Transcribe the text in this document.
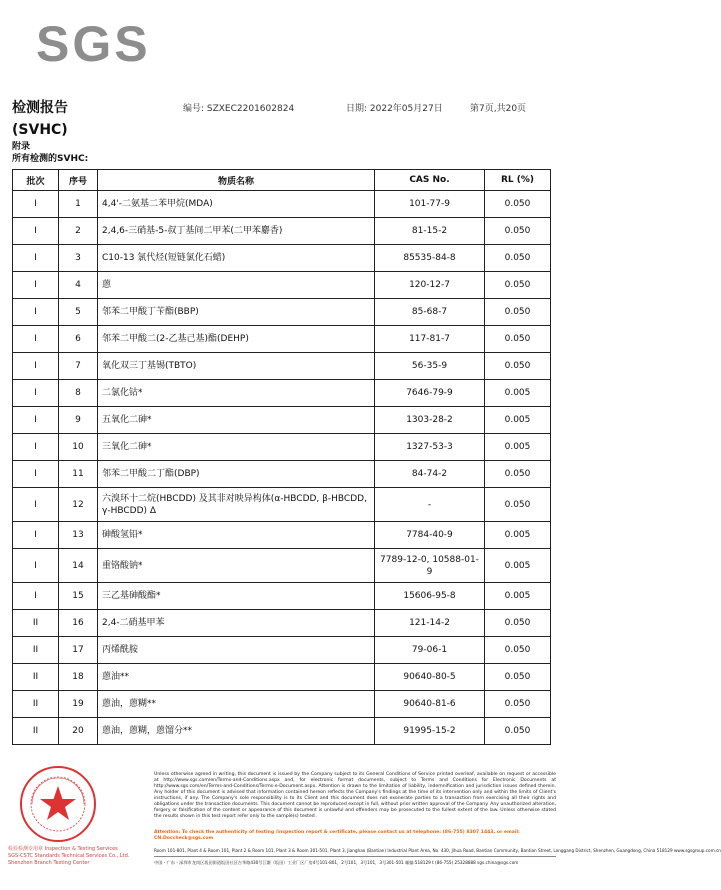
SGS
检测报告
(SVHC)
编号: SZXEC2201602824	日期: 2022年05月27日	第7页,共20页
附录
所有检测的SVHC:
批次	序号	物质名称	CAS No.	RL (%)
I	1	4,4'-二氨基二苯甲烷(MDA)	101-77-9	0.050
I	2	2,4,6-三硝基-5-叔丁基间二甲苯(二甲苯麝香)	81-15-2	0.050
I	3	C10-13 氯代烃(短链氯化石蜡)	85535-84-8	0.050
I	4	蒽	120-12-7	0.050
I	5	邻苯二甲酸丁苄酯(BBP)	85-68-7	0.050
I	6	邻苯二甲酸二(2-乙基己基)酯(DEHP)	117-81-7	0.050
I	7	氧化双三丁基锡(TBTO)	56-35-9	0.050
I	8	二氯化钴*	7646-79-9	0.005
I	9	五氧化二砷*	1303-28-2	0.005
I	10	三氧化二砷*	1327-53-3	0.005
I	11	邻苯二甲酸二丁酯(DBP)	84-74-2	0.050
I	12	六溴环十二烷(HBCDD) 及其非对映异构体(α-HBCDD, β-HBCDD, γ-HBCDD) Δ	-	0.050
I	13	砷酸氢铅*	7784-40-9	0.005
I	14	重铬酸钠*	7789-12-0, 10588-01-9	0.005
I	15	三乙基砷酸酯*	15606-95-8	0.005
II	16	2,4-二硝基甲苯	121-14-2	0.050
II	17	丙烯酰胺	79-06-1	0.050
II	18	蒽油**	90640-80-5	0.050
II	19	蒽油，蒽糊**	90640-81-6	0.050
II	20	蒽油，蒽糊，蒽馏分**	91995-15-2	0.050
检验检测专用章 Inspection & Testing Services
SGS-CSTC Standards Technical Services Co., Ltd. Shenzhen Branch Testing Center
Unless otherwise agreed in writing, this document is issued by the Company subject to its General Conditions of Service printed overleaf, available on request or accessible at http://www.sgs.com/en/Terms-and-Conditions.aspx and, for electronic format documents, subject to Terms and Conditions for Electronic Documents at http://www.sgs.com/en/Terms-and-Conditions/Terms-e-Document.aspx. Attention is drawn to the limitation of liability, indemnification and jurisdiction issues defined therein. Any holder of this document is advised that information contained hereon reflects the Company's findings at the time of its intervention only and within the limits of Client's instructions, if any. The Company's sole responsibility is to its Client and this document does not exonerate parties to a transaction from exercising all their rights and obligations under the transaction documents. This document cannot be reproduced except in full, without prior written approval of the Company. Any unauthorized alteration, forgery or falsification of the content or appearance of this document is unlawful and offenders may be prosecuted to the fullest extent of the law. Unless otherwise stated the results shown in this test report refer only to the sample(s) tested .
Attention: To check the authenticity of testing /inspection report & certificate, please contact us at telephone: (86-755) 8307 1443, or email: CN.Doccheck@sgs.com
Room 101-801, Plant 4 & Room 101, Plant 2 & Room 101, Plant 3 & Room 301-501, Plant 3, Jianghao (Bantian) Industrial Plant Area, No. 430, Jihua Road, Bantian Community, Bantian Street, Longgang District, Shenzhen, Guangdong, China 518129 www.sgsgroup.com.cn
中国・广东・深圳市龙岗区坂田街道坂田社区吉华路430号江灏（坂田）工业厂区厂房4号101-801，2号101，3号101，3号301-501 邮编:518129 t (86-755) 25328888 sgs.china@sgs.com
